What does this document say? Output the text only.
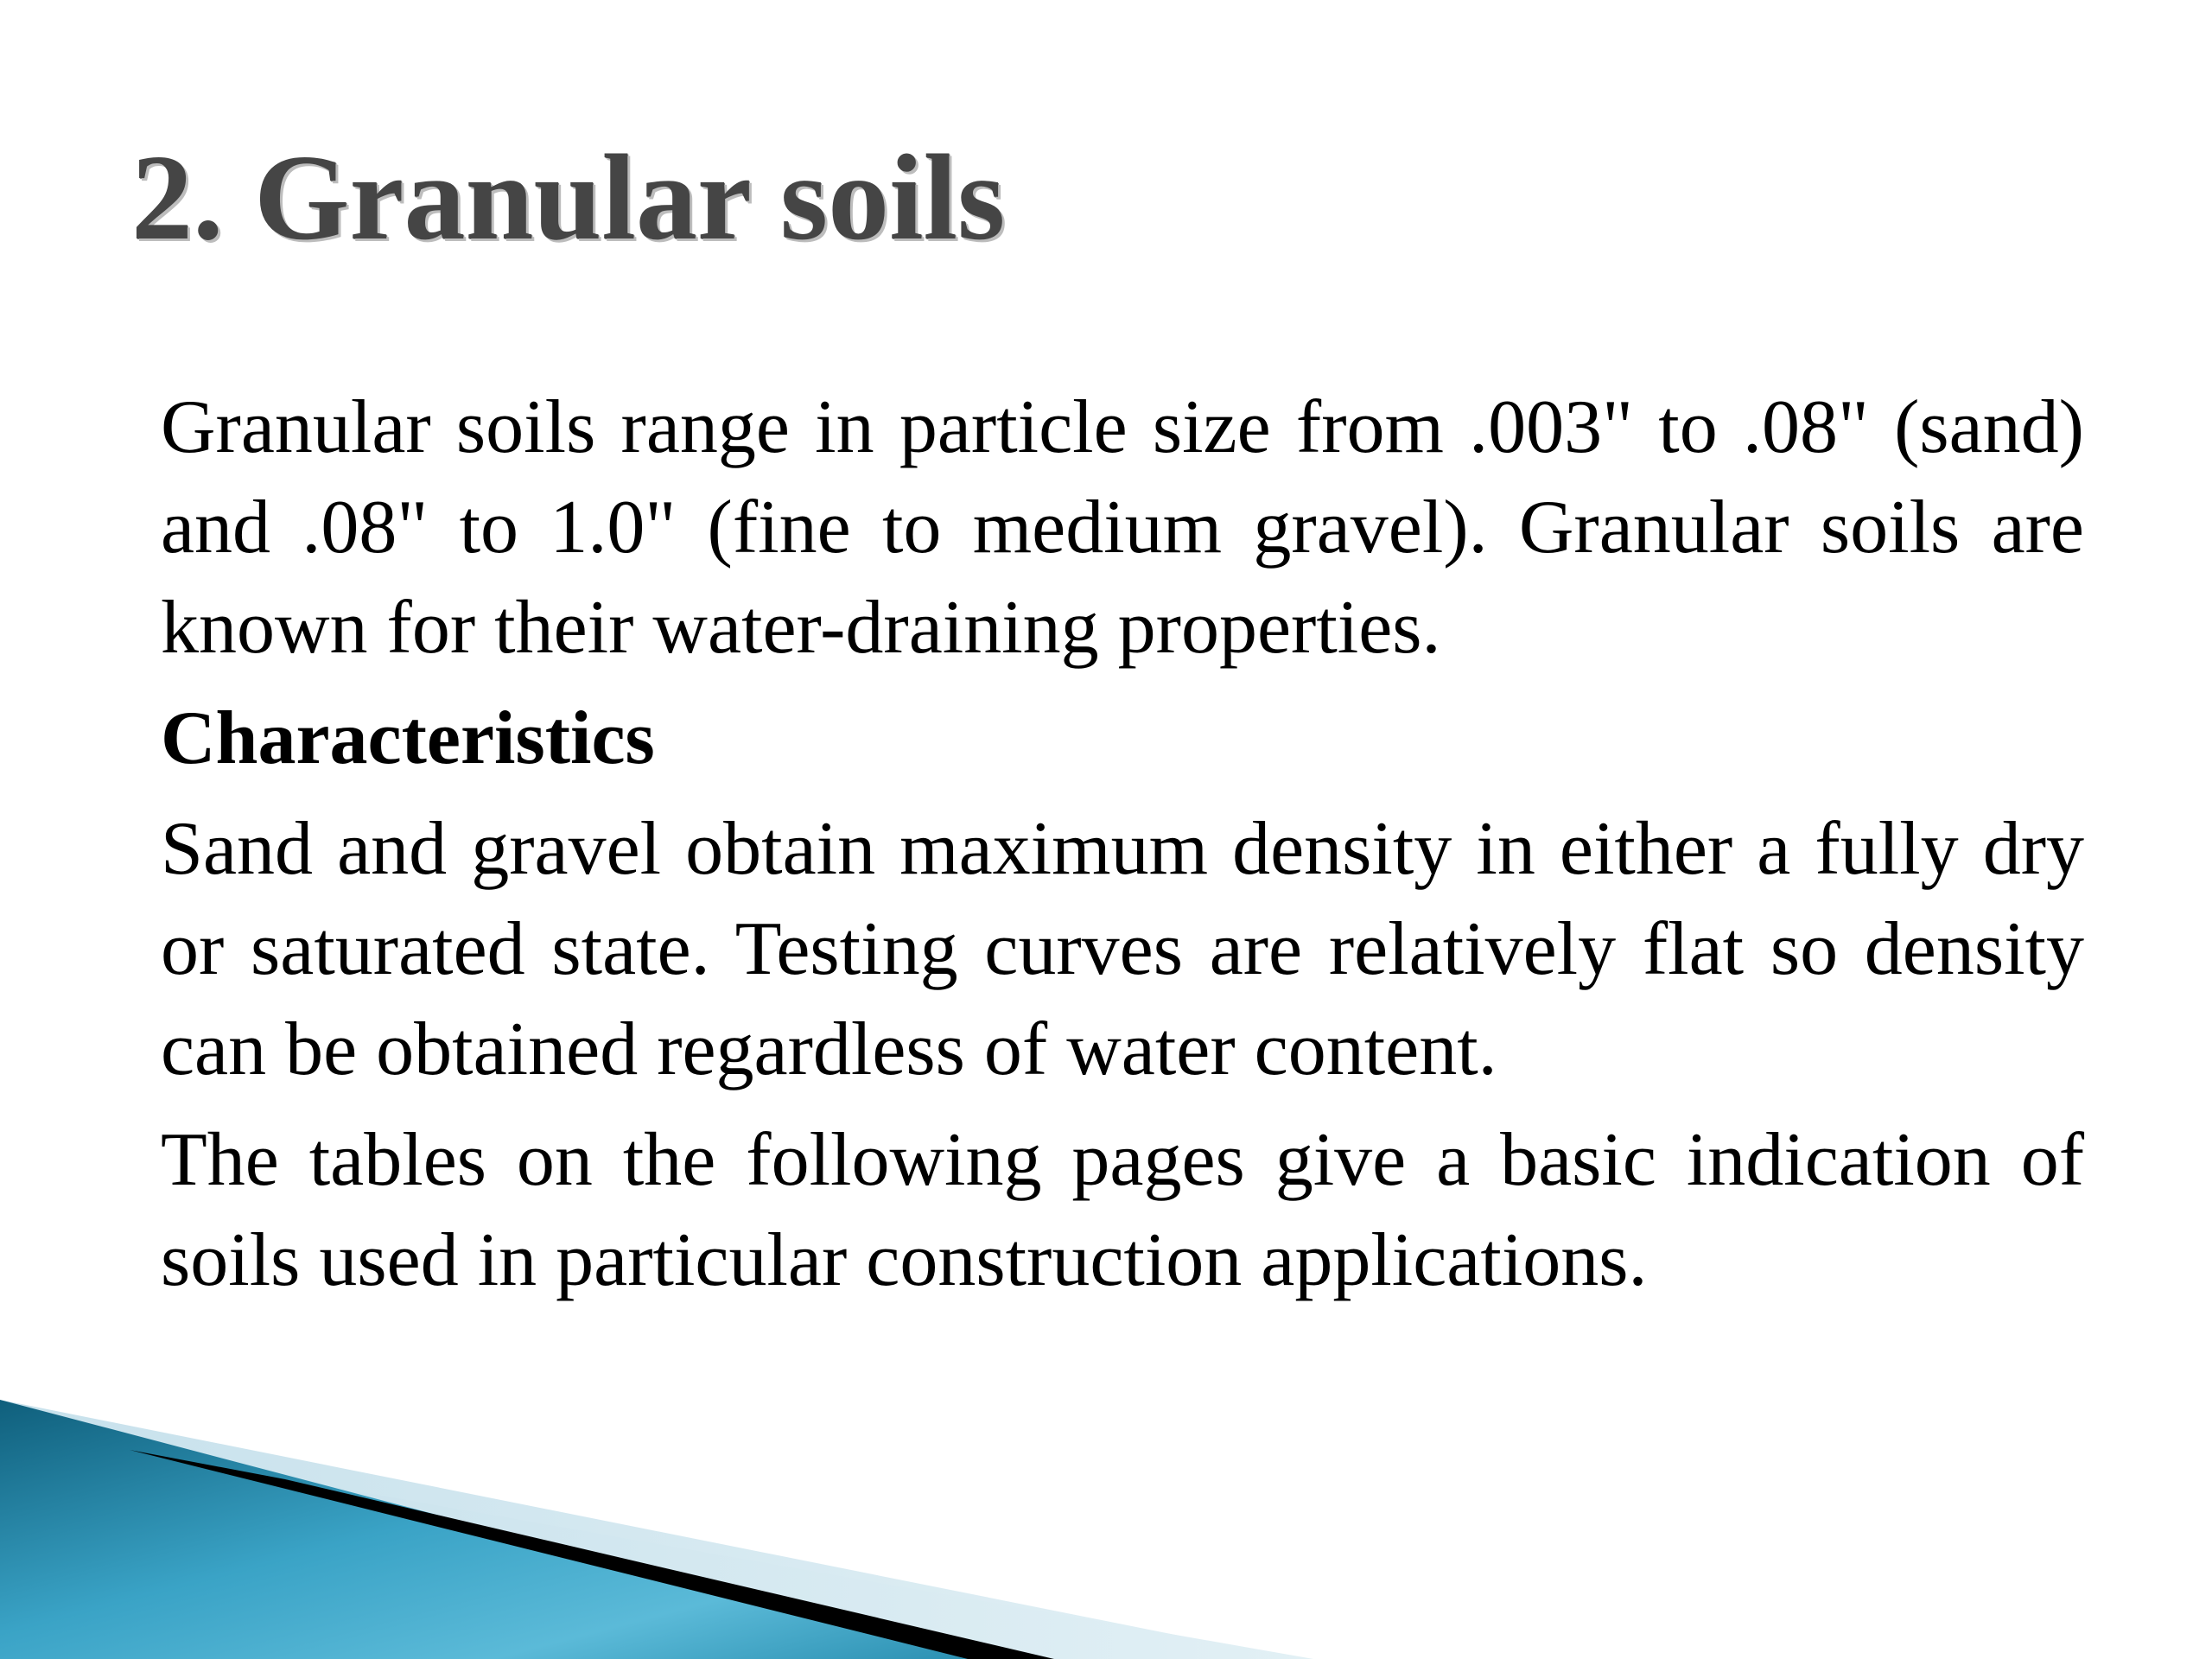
2. Granular soils

Granular soils range in particle size from .003" to .08" (sand) and .08" to 1.0" (fine to medium gravel). Granular soils are known for their water-draining properties.

Characteristics

Sand and gravel obtain maximum density in either a fully dry or saturated state. Testing curves are relatively flat so density can be obtained regardless of water content.

The tables on the following pages give a basic indication of soils used in particular construction applications.
